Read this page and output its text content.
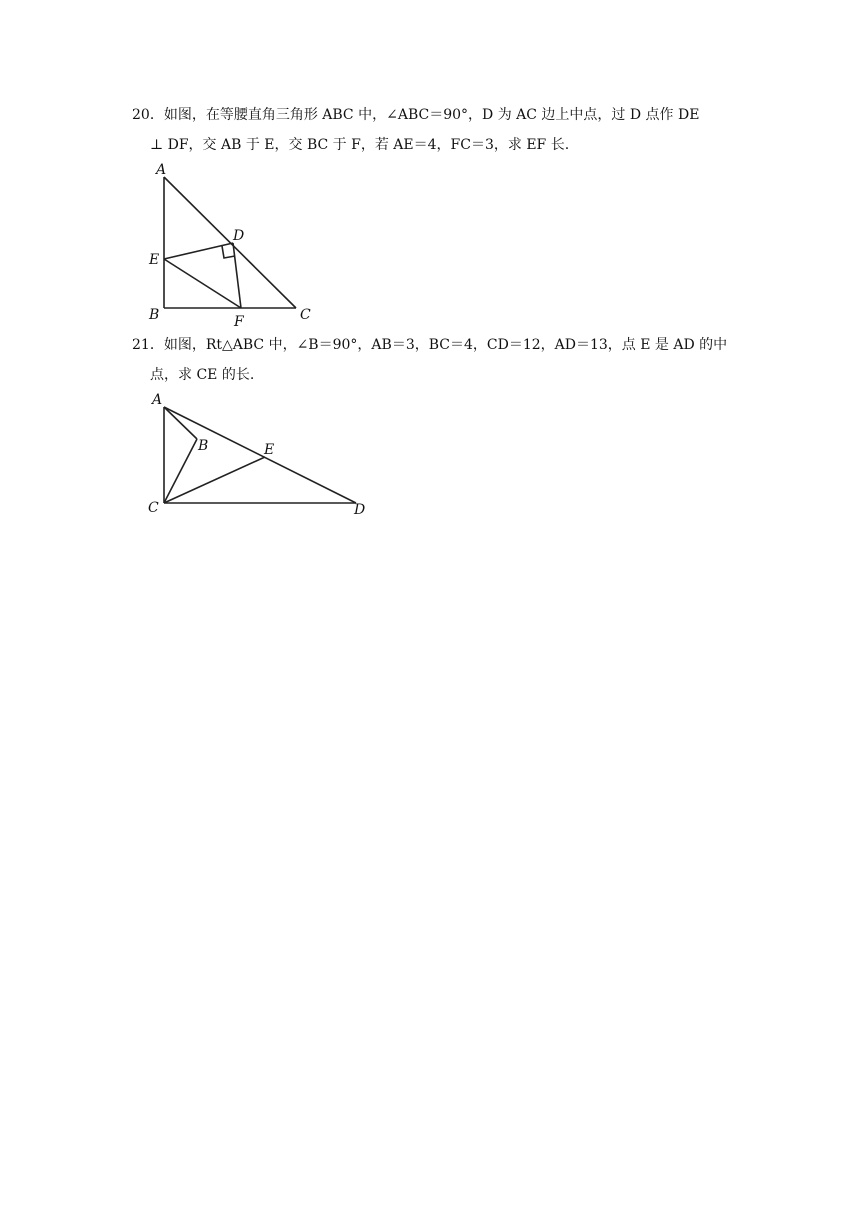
20．如图，在等腰直角三角形 ABC 中，∠ABC＝90°，D 为 AC 边上中点，过 D 点作 DE
⊥ DF，交 AB 于 E，交 BC 于 F，若 AE＝4，FC＝3，求 EF 长.
A
E
B	F	C
D
21．如图，Rt△ABC 中，∠B＝90°，AB＝3，BC＝4，CD＝12，AD＝13，点 E 是 AD 的中
点，求 CE 的长.
A
B	E
C	D
